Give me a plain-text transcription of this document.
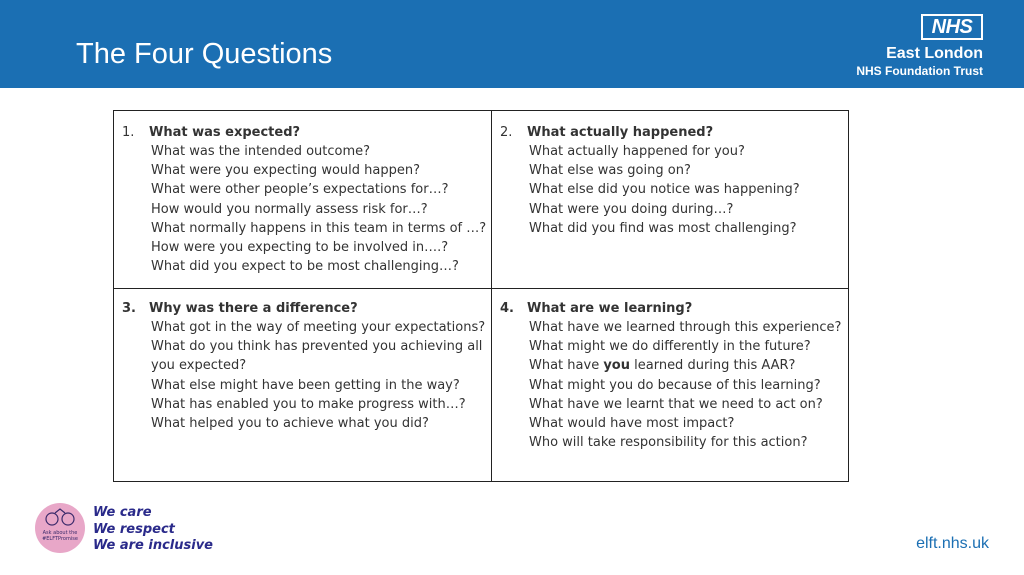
The Four Questions
NHS
East London
NHS Foundation Trust
1.	What was expected?
What was the intended outcome?
What were you expecting would happen?
What were other people’s expectations for…?
How would you normally assess risk for…?
What normally happens in this team in terms of …?
How were you expecting to be involved in….?
What did you expect to be most challenging…?
2.	What actually happened?
What actually happened for you?
What else was going on?
What else did you notice was happening?
What were you doing during…?
What did you find was most challenging?
3.	Why was there a difference?
What got in the way of meeting your expectations?
What do you think has prevented you achieving all
you expected?
What else might have been getting in the way?
What has enabled you to make progress with…?
What helped you to achieve what you did?
4.	What are we learning?
What have we learned through this experience?
What might we do differently in the future?
What have you learned during this AAR?
What might you do because of this learning?
What have we learnt that we need to act on?
What would have most impact?
Who will take responsibility for this action?
Ask about the #ELFTPromise
We care
We respect
We are inclusive	elft.nhs.uk
